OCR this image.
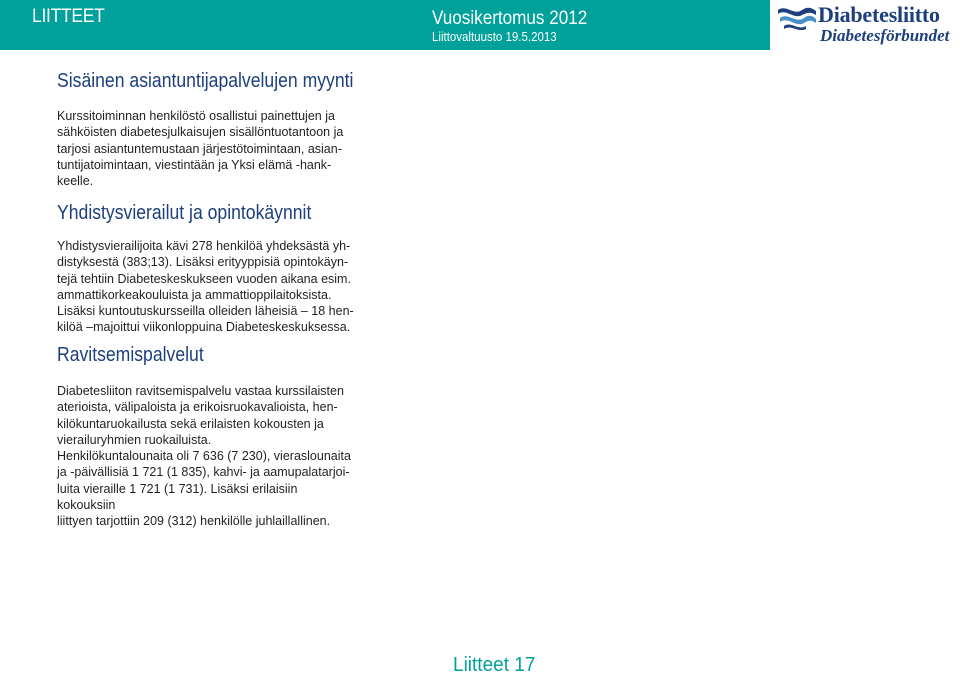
LIITTEET	Vuosikertomus 2012
Liittovaltuusto 19.5.2013
Diabetesliitto
Diabetesförbundet
Sisäinen asiantuntijapalvelujen myynti

Kurssitoiminnan henkilöstö osallistui painettujen ja
sähköisten diabetesjulkaisujen sisällöntuotantoon ja
tarjosi asiantuntemustaan järjestötoimintaan, asian-
tuntijatoimintaan, viestintään ja Yksi elämä -hank-
keelle.

Yhdistysvierailut ja opintokäynnit

Yhdistysvierailijoita kävi 278 henkilöä yhdeksästä yh-
distyksestä (383;13). Lisäksi erityyppisiä opintokäyn-
tejä tehtiin Diabeteskeskukseen vuoden aikana esim.
ammattikorkeakouluista ja ammattioppilaitoksista.
Lisäksi kuntoutuskursseilla olleiden läheisiä – 18 hen-
kilöä –majoittui viikonloppuina Diabeteskeskuksessa.

Ravitsemispalvelut

Diabetesliiton ravitsemispalvelu vastaa kurssilaisten
aterioista, välipaloista ja erikoisruokavalioista, hen-
kilökuntaruokailusta sekä erilaisten kokousten ja
vierailuryhmien ruokailuista.
Henkilökuntalounaita oli 7 636 (7 230), vieraslounaita
ja -päivällisiä 1 721 (1 835), kahvi- ja aamupalatarjoi-
luita vieraille 1 721 (1 731). Lisäksi erilaisiin kokouksiin
liittyen tarjottiin 209 (312) henkilölle juhlaillallinen.

Liitteet 17
